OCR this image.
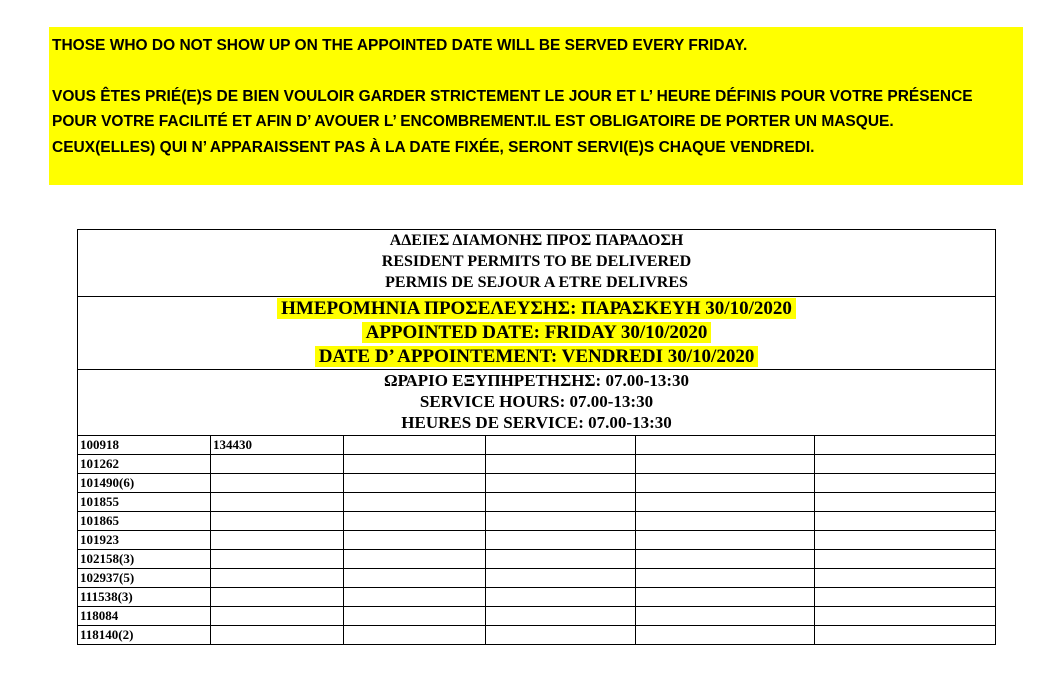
THOSE WHO DO NOT SHOW UP ON THE APPOINTED DATE WILL BE SERVED EVERY FRIDAY.

VOUS ÊTES PRIÉ(E)S DE BIEN VOULOIR GARDER STRICTEMENT LE JOUR ET L’ HEURE DÉFINIS POUR VOTRE PRÉSENCE POUR VOTRE FACILITÉ ET AFIN D’ AVOUER L’ ENCOMBREMENT.IL EST OBLIGATOIRE DE PORTER UN MASQUE.

CEUX(ELLES) QUI N’ APPARAISSENT PAS À LA DATE FIXÉE, SERONT SERVI(E)S CHAQUE VENDREDI.

ΑΔΕΙΕΣ ΔΙΑΜΟΝΗΣ ΠΡΟΣ ΠΑΡΑΔΟΣΗ
RESIDENT PERMITS TO BE DELIVERED
PERMIS DE SEJOUR A ETRE DELIVRES					

ΗΜΕΡΟΜΗΝΙΑ ΠΡΟΣΕΛΕΥΣΗΣ: ΠΑΡΑΣΚΕΥΗ 30/10/2020
APPOINTED DATE: FRIDAY 30/10/2020
DATE D’ APPOINTEMENT: VENDREDI 30/10/2020					

ΩΡΑΡΙΟ ΕΞΥΠΗΡΕΤΗΣΗΣ: 07.00-13:30
SERVICE HOURS: 07.00-13:30
HEURES DE SERVICE: 07.00-13:30					

100918	134430				
101262					
101490(6)					
101855					
101865					
101923					
102158(3)					
102937(5)					
111538(3)					
118084					
118140(2)					
